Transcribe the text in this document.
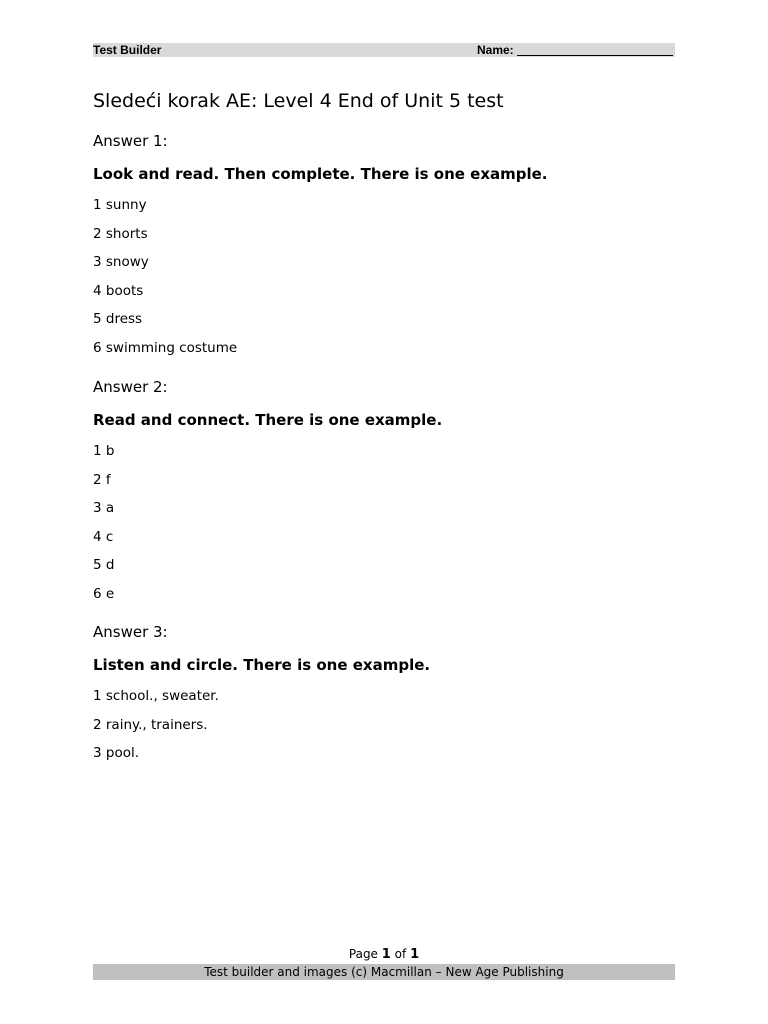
Test Builder	Name:
Sledeći korak AE: Level 4 End of Unit 5 test

Answer 1:

Look and read. Then complete. There is one example.

1 sunny
2 shorts
3 snowy
4 boots
5 dress
6 swimming costume

Answer 2:

Read and connect. There is one example.

1 b
2 f
3 a
4 c
5 d
6 e

Answer 3:

Listen and circle. There is one example.

1 school., sweater.
2 rainy., trainers.
3 pool.
Page 1 of 1
Test builder and images (c) Macmillan – New Age Publishing
